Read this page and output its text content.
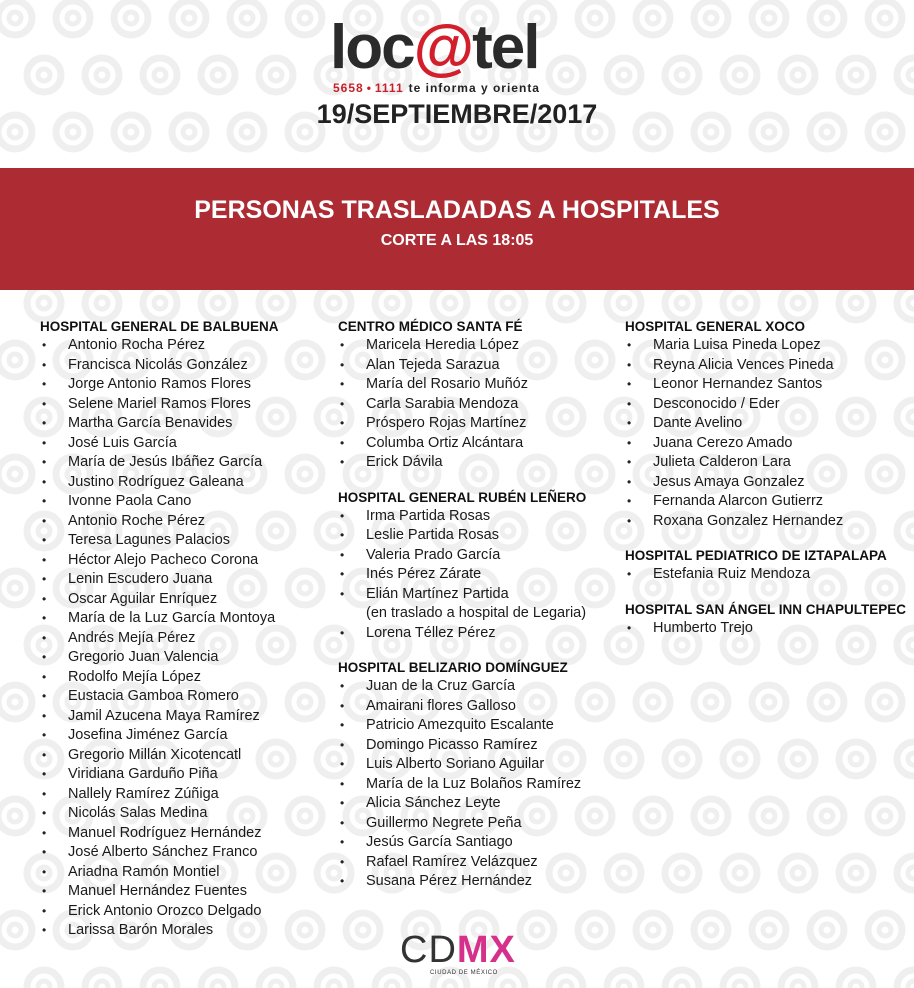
loc@tel
5658 • 1111 te informa y orienta
19/SEPTIEMBRE/2017
PERSONAS TRASLADADAS A HOSPITALES
CORTE A LAS 18:05
HOSPITAL GENERAL DE BALBUENA
• Antonio Rocha Pérez
• Francisca Nicolás González
• Jorge Antonio Ramos Flores
• Selene Mariel Ramos Flores
• Martha García Benavides
• José Luis García
• María de Jesús Ibáñez García
• Justino Rodríguez Galeana
• Ivonne Paola Cano
• Antonio Roche Pérez
• Teresa Lagunes Palacios
• Héctor Alejo Pacheco Corona
• Lenin Escudero Juana
• Oscar Aguilar Enríquez
• María de la Luz García Montoya
• Andrés Mejía Pérez
• Gregorio Juan Valencia
• Rodolfo Mejía López
• Eustacia Gamboa Romero
• Jamil Azucena Maya Ramírez
• Josefina Jiménez García
• Gregorio Millán Xicotencatl
• Viridiana Garduño Piña
• Nallely Ramírez Zúñiga
• Nicolás Salas Medina
• Manuel Rodríguez Hernández
• José Alberto Sánchez Franco
• Ariadna Ramón Montiel
• Manuel Hernández Fuentes
• Erick Antonio Orozco Delgado
• Larissa Barón Morales
CENTRO MÉDICO SANTA FÉ
• Maricela Heredia López
• Alan Tejeda Sarazua
• María del Rosario Muñóz
• Carla Sarabia Mendoza
• Próspero Rojas Martínez
• Columba Ortiz Alcántara
• Erick Dávila
HOSPITAL GENERAL RUBÉN LEÑERO
• Irma Partida Rosas
• Leslie Partida Rosas
• Valeria Prado García
• Inés Pérez Zárate
• Elián Martínez Partida
(en traslado a hospital de Legaria)
• Lorena Téllez Pérez
HOSPITAL BELIZARIO DOMÍNGUEZ
• Juan de la Cruz García
• Amairani flores Galloso
• Patricio Amezquito Escalante
• Domingo Picasso Ramírez
• Luis Alberto Soriano Aguilar
• María de la Luz Bolaños Ramírez
• Alicia Sánchez Leyte
• Guillermo Negrete Peña
• Jesús García Santiago
• Rafael Ramírez Velázquez
• Susana Pérez Hernández
HOSPITAL GENERAL XOCO
• Maria Luisa Pineda Lopez
• Reyna Alicia Vences Pineda
• Leonor Hernandez Santos
• Desconocido / Eder
• Dante Avelino
• Juana Cerezo Amado
• Julieta Calderon Lara
• Jesus Amaya Gonzalez
• Fernanda Alarcon Gutierrz
• Roxana Gonzalez Hernandez
HOSPITAL PEDIATRICO DE IZTAPALAPA
• Estefania Ruiz Mendoza
HOSPITAL SAN ÁNGEL INN CHAPULTEPEC
• Humberto Trejo
CDMX
CIUDAD DE MÉXICO
